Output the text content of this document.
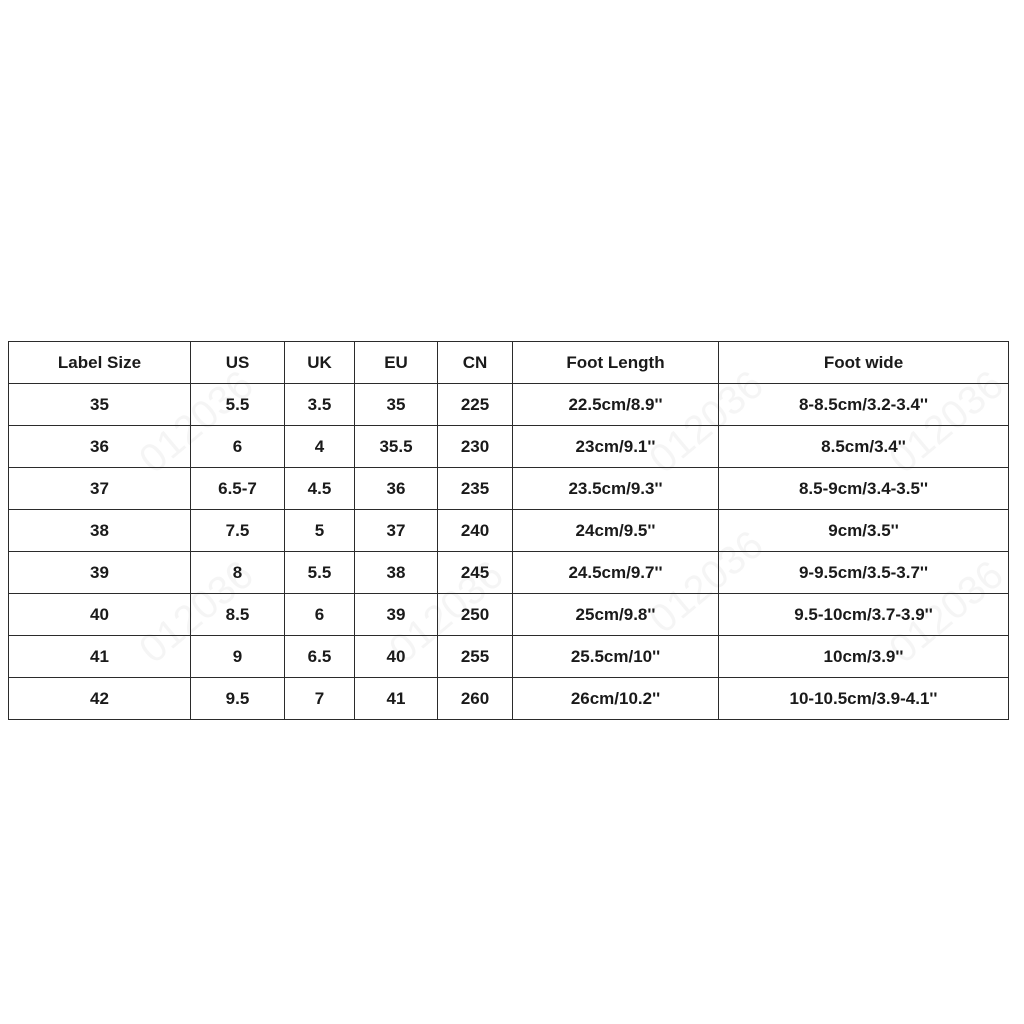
Label Size	US	UK	EU	CN	Foot Length	Foot wide
35	5.5	3.5	35	225	22.5cm/8.9''	8-8.5cm/3.2-3.4''
36	6	4	35.5	230	23cm/9.1''	8.5cm/3.4''
37	6.5-7	4.5	36	235	23.5cm/9.3''	8.5-9cm/3.4-3.5''
38	7.5	5	37	240	24cm/9.5''	9cm/3.5''
39	8	5.5	38	245	24.5cm/9.7''	9-9.5cm/3.5-3.7''
40	8.5	6	39	250	25cm/9.8''	9.5-10cm/3.7-3.9''
41	9	6.5	40	255	25.5cm/10''	10cm/3.9''
42	9.5	7	41	260	26cm/10.2''	10-10.5cm/3.9-4.1''
